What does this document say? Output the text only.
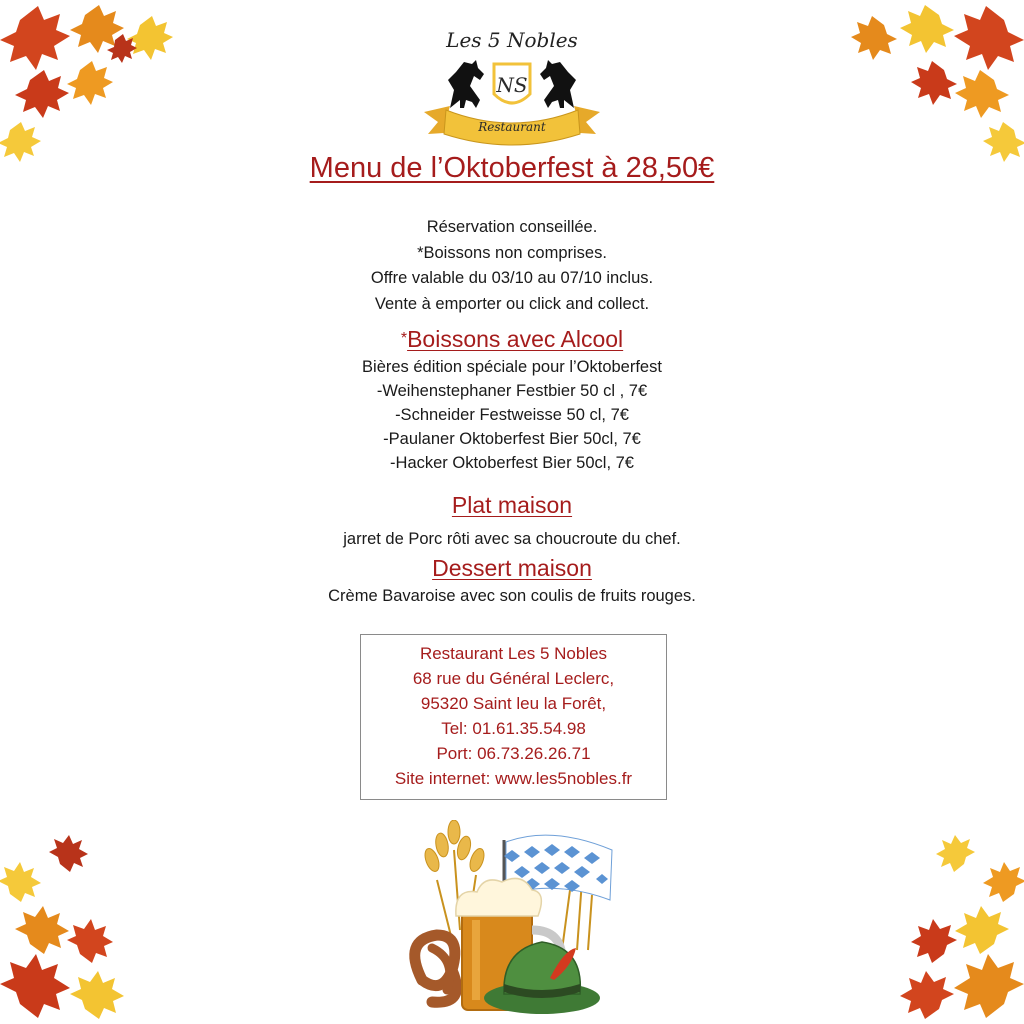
Les 5 Nobles
NS
Restaurant
Menu de l’Oktoberfest à 28,50€
Réservation conseillée.
*Boissons non comprises.
Offre valable du 03/10 au 07/10 inclus.
Vente à emporter ou click and collect.
*Boissons avec Alcool
Bières édition spéciale pour l’Oktoberfest
-Weihenstephaner Festbier 50 cl , 7€
-Schneider Festweisse 50 cl, 7€
-Paulaner Oktoberfest Bier 50cl, 7€
-Hacker Oktoberfest Bier 50cl, 7€
Plat maison
jarret de Porc rôti avec sa choucroute du chef.
Dessert maison
Crème Bavaroise avec son coulis de fruits rouges.
Restaurant Les 5 Nobles
68 rue du Général Leclerc,
95320 Saint leu la Forêt,
Tel: 01.61.35.54.98
Port: 06.73.26.26.71
Site internet: www.les5nobles.fr
